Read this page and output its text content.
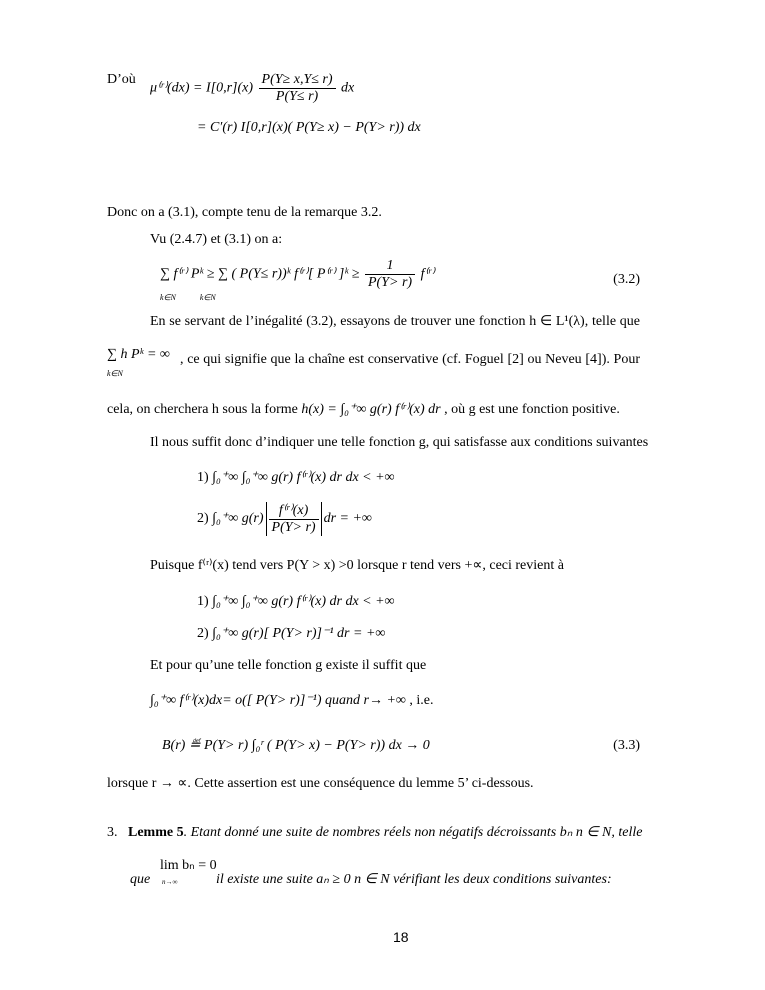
D’où
μ⁽ʳ⁾(dx) = $I[0,r](x) \frac{P(Y\ge x,Y\le r)}{P(Y\le r)}$ dx
= C′(r) I[0,r](x)( P(Y≥ x) − P(Y> r)) dx
Donc on a (3.1), compte tenu de la remarque 3.2.
Vu (2.4.7) et (3.1) on a:
∑ f⁽ʳ⁾ Pᵏ ≥ ∑ ( P(Y≤ r))ᵏ f⁽ʳ⁾[ P⁽ʳ⁾ ]ᵏ ≥ $\frac{1}{P(Y> r)}$ f⁽ʳ⁾
k∈N            k∈N
(3.2)
En se servant de l’inégalité (3.2), essayons de trouver une fonction h ∈ L¹(λ), telle que
∑ h Pᵏ = ∞
k∈N
, ce qui signifie que la chaîne est conservative (cf. Foguel [2] ou Neveu [4]). Pour
cela, on cherchera h sous la forme h(x) = ∫₀⁺∞ g(r) f⁽ʳ⁾(x) dr , où g est une fonction positive.
Il nous suffit donc d’indiquer une telle fonction g, qui satisfasse aux conditions suivantes
1) ∫₀⁺∞ ∫₀⁺∞ g(r) f⁽ʳ⁾(x) dr dx < +∞
2) ∫₀⁺∞ $g(r) \frac{\text{f⁽ʳ⁾(x)}}{P(Y> r)}$ dr = +∞
Puisque f⁽ʳ⁾(x) tend vers P(Y > x) >0 lorsque r tend vers +∝, ceci revient à
1) ∫₀⁺∞ ∫₀⁺∞ g(r) f⁽ʳ⁾(x) dr dx < +∞
2) ∫₀⁺∞ g(r)[ P(Y> r)]⁻¹ dr = +∞
Et pour qu’une telle fonction g existe il suffit que
∫₀⁺∞ f⁽ʳ⁾(x)dx= o([ P(Y> r)]⁻¹) quand r→ +∞ , i.e.
B(r) ≝ P(Y> r) ∫₀ʳ ( P(Y> x) − P(Y> r)) dx → 0	(3.3)
lorsque r → ∝. Cette assertion est une conséquence du lemme 5’ ci-dessous.
3. Lemme 5. Etant donné une suite de nombres réels non négatifs décroissants bₙ n ∈ N, telle
que
lim bₙ = 0
n→∞	il existe une suite aₙ ≥ 0 n ∈ N vérifiant les deux conditions suivantes:
18
